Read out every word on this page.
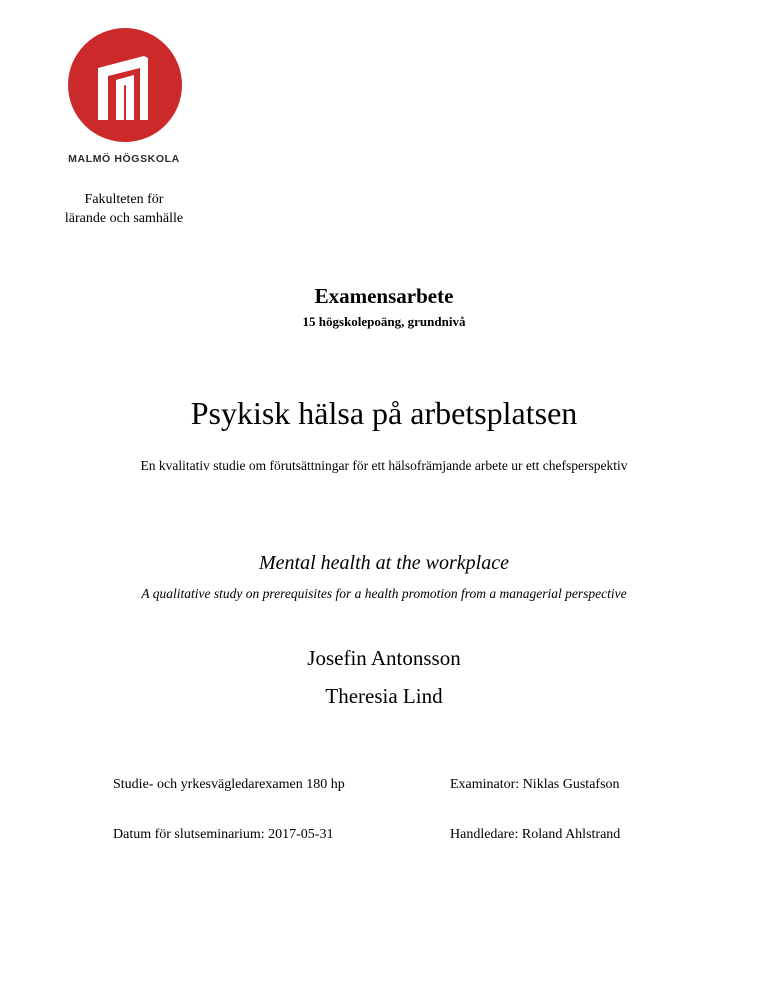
MALMÖ HÖGSKOLA
Fakulteten för
lärande och samhälle
Examensarbete
15 högskolepoäng, grundnivå
Psykisk hälsa på arbetsplatsen
En kvalitativ studie om förutsättningar för ett hälsofrämjande arbete ur ett chefsperspektiv
Mental health at the workplace
A qualitative study on prerequisites for a health promotion from a managerial perspective
Josefin Antonsson
Theresia Lind
Studie- och yrkesvägledarexamen 180 hp	Examinator: Niklas Gustafson
Datum för slutseminarium: 2017-05-31	Handledare: Roland Ahlstrand
